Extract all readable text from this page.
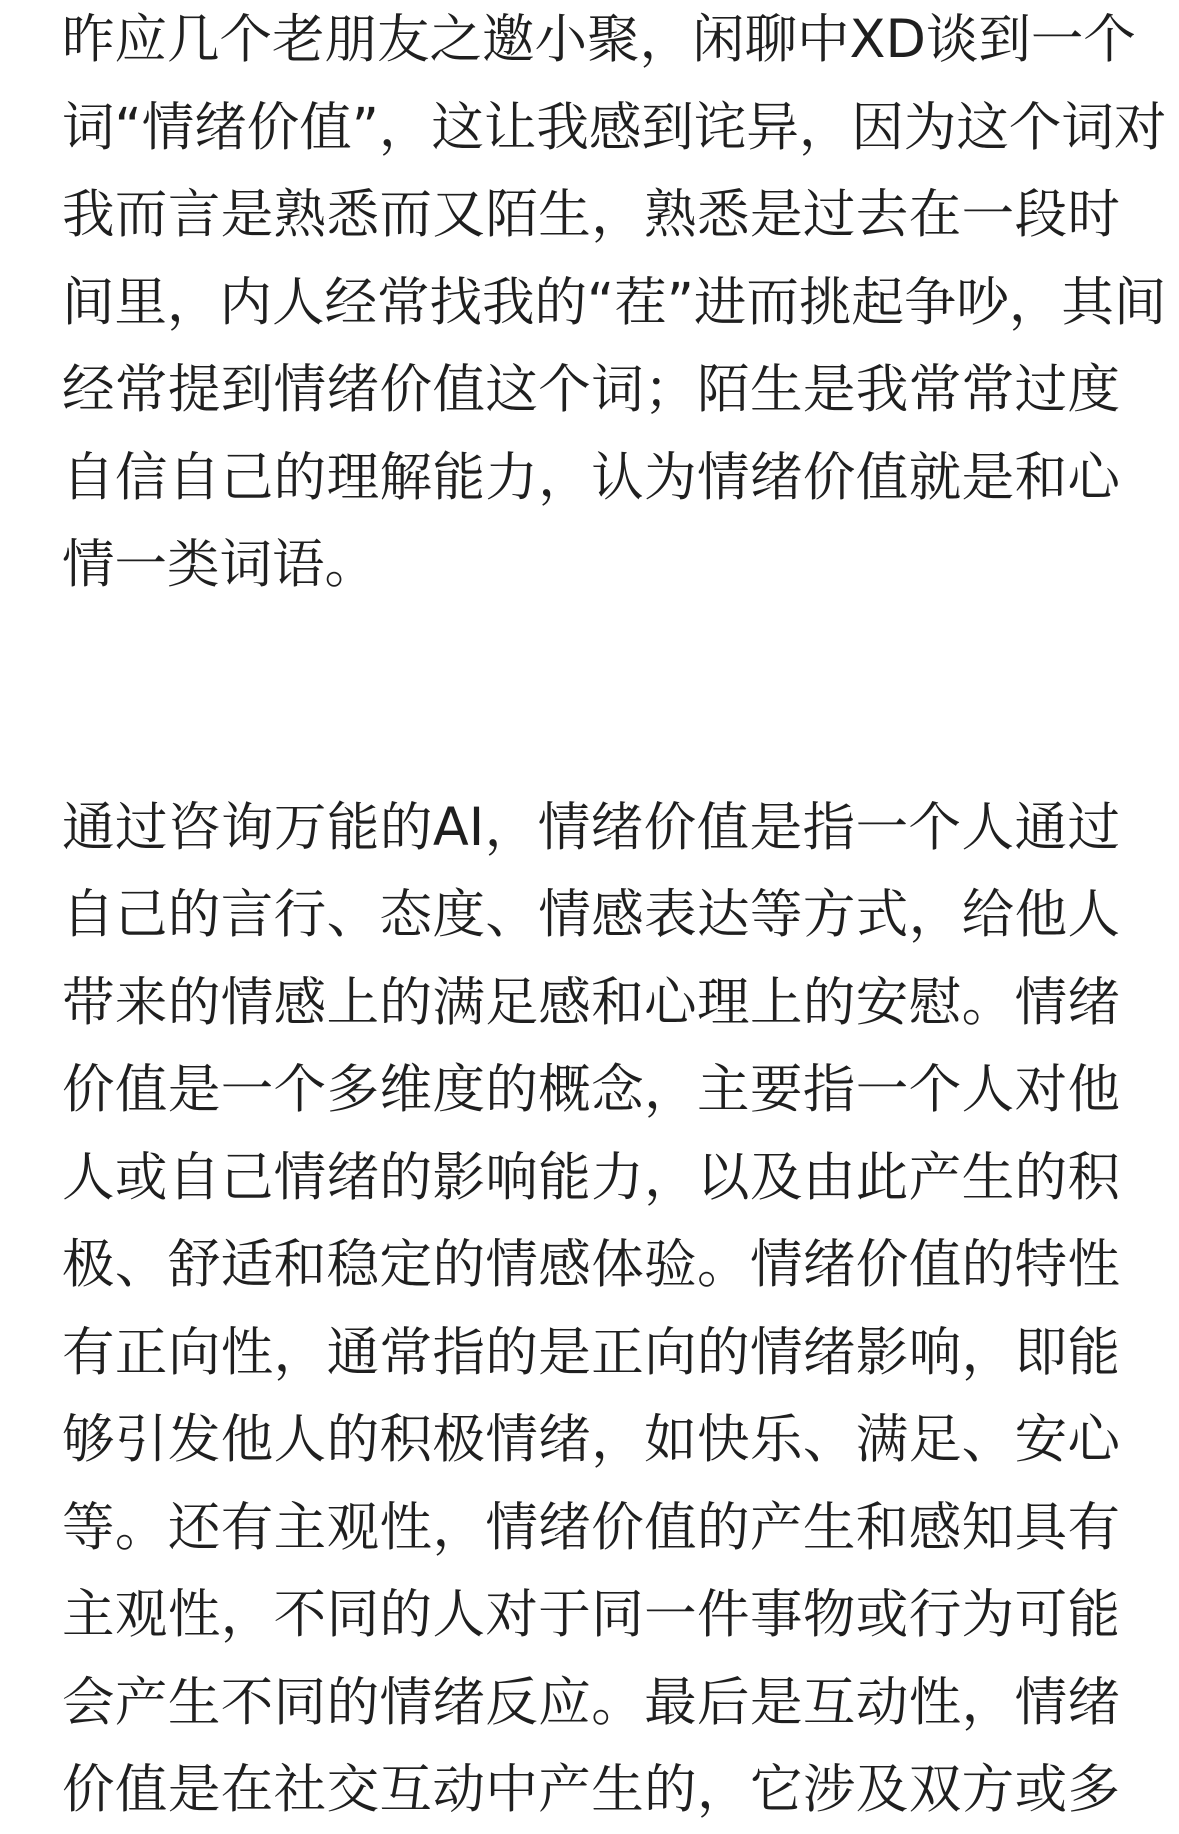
昨应几个老朋友之邀小聚，闲聊中XD谈到一个
词“情绪价值”，这让我感到诧异，因为这个词对
我而言是熟悉而又陌生，熟悉是过去在一段时
间里，内人经常找我的“茬”进而挑起争吵，其间
经常提到情绪价值这个词；陌生是我常常过度
自信自己的理解能力，认为情绪价值就是和心
情一类词语。
通过咨询万能的AI，情绪价值是指一个人通过
自己的言行、态度、情感表达等方式，给他人
带来的情感上的满足感和心理上的安慰。情绪
价值是一个多维度的概念，主要指一个人对他
人或自己情绪的影响能力，以及由此产生的积
极、舒适和稳定的情感体验。情绪价值的特性
有正向性，通常指的是正向的情绪影响，即能
够引发他人的积极情绪，如快乐、满足、安心
等。还有主观性，情绪价值的产生和感知具有
主观性，不同的人对于同一件事物或行为可能
会产生不同的情绪反应。最后是互动性，情绪
价值是在社交互动中产生的，它涉及双方或多
